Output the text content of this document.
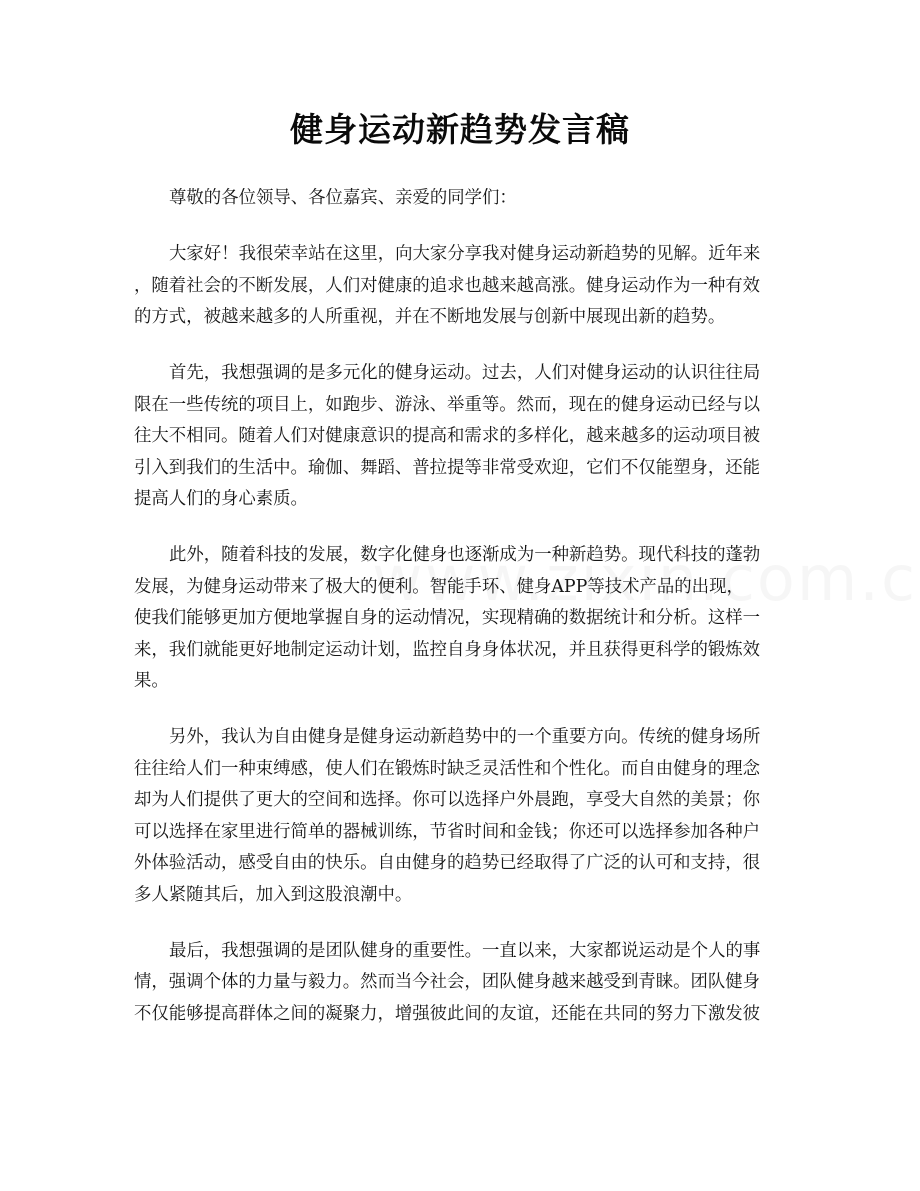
健身运动新趋势发言稿
尊敬的各位领导、各位嘉宾、亲爱的同学们：
大家好！我很荣幸站在这里，向大家分享我对健身运动新趋势的见解。近年来
，随着社会的不断发展，人们对健康的追求也越来越高涨。健身运动作为一种有效
的方式，被越来越多的人所重视，并在不断地发展与创新中展现出新的趋势。
首先，我想强调的是多元化的健身运动。过去，人们对健身运动的认识往往局
限在一些传统的项目上，如跑步、游泳、举重等。然而，现在的健身运动已经与以
往大不相同。随着人们对健康意识的提高和需求的多样化，越来越多的运动项目被
引入到我们的生活中。瑜伽、舞蹈、普拉提等非常受欢迎，它们不仅能塑身，还能
提高人们的身心素质。
此外，随着科技的发展，数字化健身也逐渐成为一种新趋势。现代科技的蓬勃
发展，为健身运动带来了极大的便利。智能手环、健身APP等技术产品的出现，
使我们能够更加方便地掌握自身的运动情况，实现精确的数据统计和分析。这样一
来，我们就能更好地制定运动计划，监控自身身体状况，并且获得更科学的锻炼效
果。
另外，我认为自由健身是健身运动新趋势中的一个重要方向。传统的健身场所
往往给人们一种束缚感，使人们在锻炼时缺乏灵活性和个性化。而自由健身的理念
却为人们提供了更大的空间和选择。你可以选择户外晨跑，享受大自然的美景；你
可以选择在家里进行简单的器械训练，节省时间和金钱；你还可以选择参加各种户
外体验活动，感受自由的快乐。自由健身的趋势已经取得了广泛的认可和支持，很
多人紧随其后，加入到这股浪潮中。
最后，我想强调的是团队健身的重要性。一直以来，大家都说运动是个人的事
情，强调个体的力量与毅力。然而当今社会，团队健身越来越受到青睐。团队健身
不仅能够提高群体之间的凝聚力，增强彼此间的友谊，还能在共同的努力下激发彼
